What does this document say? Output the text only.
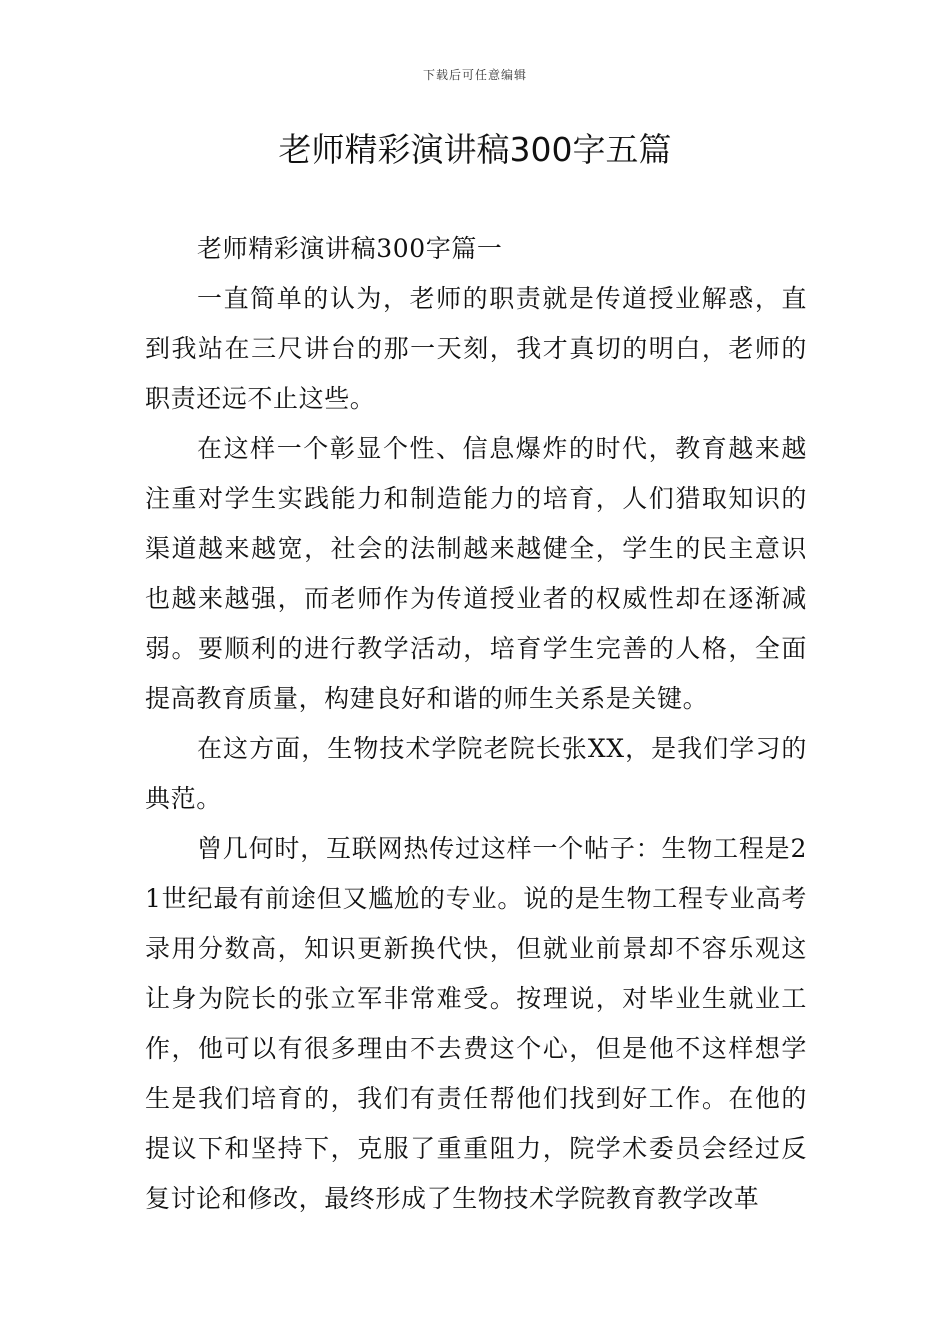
下载后可任意编辑
老师精彩演讲稿300字五篇

老师精彩演讲稿300字篇一

一直简单的认为，老师的职责就是传道授业解惑，直到我站在三尺讲台的那一天刻，我才真切的明白，老师的职责还远不止这些。

在这样一个彰显个性、信息爆炸的时代，教育越来越注重对学生实践能力和制造能力的培育，人们猎取知识的渠道越来越宽，社会的法制越来越健全，学生的民主意识也越来越强，而老师作为传道授业者的权威性却在逐渐减弱。要顺利的进行教学活动，培育学生完善的人格，全面提高教育质量，构建良好和谐的师生关系是关键。

在这方面，生物技术学院老院长张XX，是我们学习的典范。

曾几何时，互联网热传过这样一个帖子：生物工程是21世纪最有前途但又尴尬的专业。说的是生物工程专业高考录用分数高，知识更新换代快，但就业前景却不容乐观这让身为院长的张立军非常难受。按理说，对毕业生就业工作，他可以有很多理由不去费这个心，但是他不这样想学生是我们培育的，我们有责任帮他们找到好工作。在他的提议下和坚持下，克服了重重阻力，院学术委员会经过反复讨论和修改，最终形成了生物技术学院教育教学改革
